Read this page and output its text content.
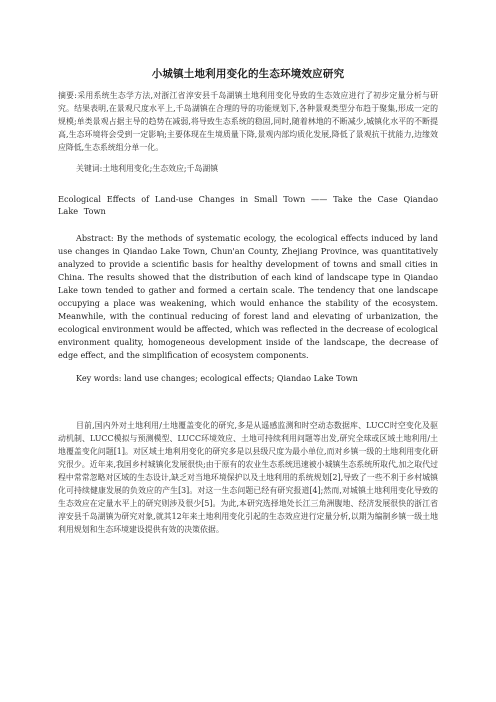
小城镇土地利用变化的生态环境效应研究

摘要:采用系统生态学方法,对浙江省淳安县千岛湖镇土地利用变化导致的生态效应进行了初步定量分析与研究。结果表明,在景观尺度水平上,千岛湖镇在合理的导的功能规划下,各种景观类型分布趋于聚集,形成一定的规模;单类景观占据主导的趋势在减弱,将导致生态系统的稳固,同时,随着林地的不断减少,城镇化水平的不断提高,生态环境将会受到一定影响;主要体现在生境质量下降,景观内部均质化发展,降低了景观抗干扰能力,边缘效应降低,生态系统组分单一化。

关键词:土地利用变化;生态效应;千岛湖镇

Ecological Effects of Land-use Changes in Small Town —— Take the Case Qiandao Lake Town

Abstract: By the methods of systematic ecology, the ecological effects induced by land use changes in Qiandao Lake Town, Chun'an County, Zhejiang Province, was quantitatively analyzed to provide a scientific basis for healthy development of towns and small cities in China. The results showed that the distribution of each kind of landscape type in Qiandao Lake town tended to gather and formed a certain scale. The tendency that one landscape occupying a place was weakening, which would enhance the stability of the ecosystem. Meanwhile, with the continual reducing of forest land and elevating of urbanization, the ecological environment would be affected, which was reflected in the decrease of ecological environment quality, homogeneous development inside of the landscape, the decrease of edge effect, and the simplification of ecosystem components.

Key words: land use changes; ecological effects; Qiandao Lake Town

目前,国内外对土地利用/土地覆盖变化的研究,多是从遥感监测和时空动态数据库、LUCC时空变化及驱动机制、LUCC模拟与预测模型、LUCC环境效应、土地可持续利用问题等出发,研究全球或区域土地利用/土地覆盖变化问题[1]。对区域土地利用变化的研究多是以县级尺度为最小单位,而对乡镇一级的土地利用变化研究很少。近年来,我国乡村城镇化发展很快;由于原有的农业生态系统迅速被小城镇生态系统所取代,加之取代过程中常常忽略对区域的生态设计,缺乏对当地环境保护以及土地利用的系统规划[2],导致了一些不利于乡村城镇化可持续健康发展的负效应的产生[3]。对这一生态问题已经有研究报道[4];然而,对城镇土地利用变化导致的生态效应在定量水平上的研究则涉及很少[5]。为此,本研究选择地处长江三角洲腹地、经济发展很快的浙江省淳安县千岛湖镇为研究对象,就其12年来土地利用变化引起的生态效应进行定量分析,以期为编制乡镇一级土地利用规划和生态环境建设提供有效的决策依据。
